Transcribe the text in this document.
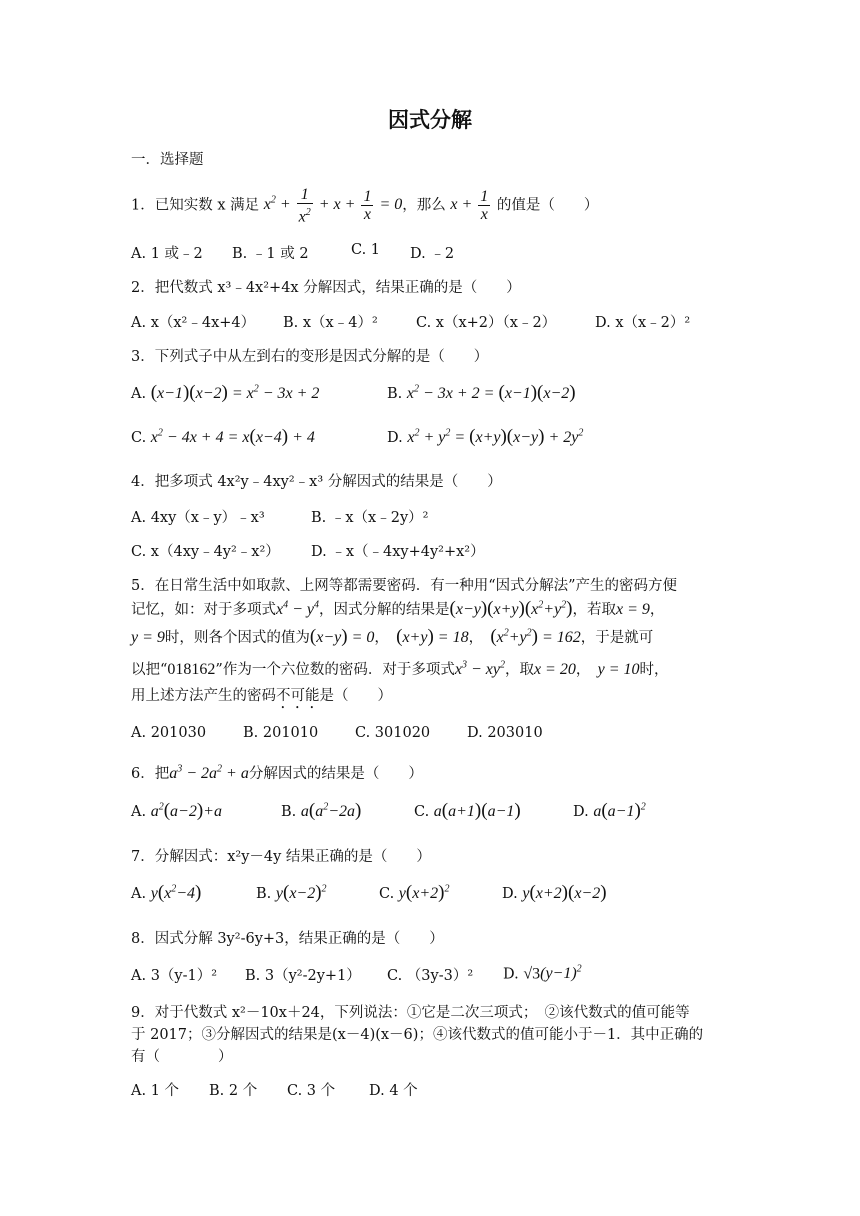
因式分解
一．选择题
1．已知实数 x 满足 $x^2 + \frac{1}{x^2} + x + \frac{1}{x} = 0$，那么 $x + \frac{1}{x}$ 的值是（　　）
A. 1 或﹣2 B. ﹣1 或 2	C. 1 D. ﹣2
2．把代数式 x³﹣4x²+4x 分解因式，结果正确的是（　　）
A. x（x²﹣4x+4） B. x（x﹣4）²	C. x（x+2）（x﹣2）	D. x（x﹣2）²
3．下列式子中从左到右的变形是因式分解的是（　　）
A. $(x-1)(x-2) = x^2 - 3x + 2$	B. $x^2 - 3x + 2 = (x-1)(x-2)$
C. $x^2 - 4x + 4 = x(x-4) + 4$	D. $x^2 + y^2 = (x+y)(x-y) + 2y^2$
4．把多项式 4x²y﹣4xy²﹣x³ 分解因式的结果是（　　）
A. 4xy（x﹣y）﹣x³	B. ﹣x（x﹣2y）²
C. x（4xy﹣4y²﹣x²） D. ﹣x（﹣4xy+4y²+x²）
5．在日常生活中如取款、上网等都需要密码．有一种用“因式分解法”产生的密码方便
记忆，如：对于多项式$x^4 - y^4$，因式分解的结果是$(x-y)(x+y)(x^2+y^2)$，若取x = 9，
y = 9时，则各个因式的值为(x−y) = 0，　(x+y) = 18，　$(x^2+y^2) = 162$，于是就可
以把“018162”作为一个六位数的密码．对于多项式$x^3 - xy^2$，取x = 20，　y = 10时，
用上述方法产生的密码不可能是（　　）
A. 201030	B. 201010	C. 301020	D. 203010
6．把$a^3 - 2a^2 + a$分解因式的结果是（　　）
A. $a^2(a-2)+a$	B. $a(a^2-2a)$	C. a(a+1)(a−1)	D. $a(a-1)^2$
7．分解因式：x²y－4y 结果正确的是（　　）
A. $y(x^2-4)$	B. $y(x-2)^2$	C. $y(x+2)^2$	D. y(x+2)(x−2)
8．因式分解 3y²-6y+3，结果正确的是（　　）
A. 3（y-1）² B. 3（y²-2y+1） C. （3y-3）² D. $√3(y-1)^2$
9．对于代数式 x²－10x＋24，下列说法：①它是二次三项式；　②该代数式的值可能等
于 2017；③分解因式的结果是(x－4)(x－6)；④该代数式的值可能小于－1．其中正确的
有（　　　　）
A. 1 个 B. 2 个 C. 3 个 D. 4 个
